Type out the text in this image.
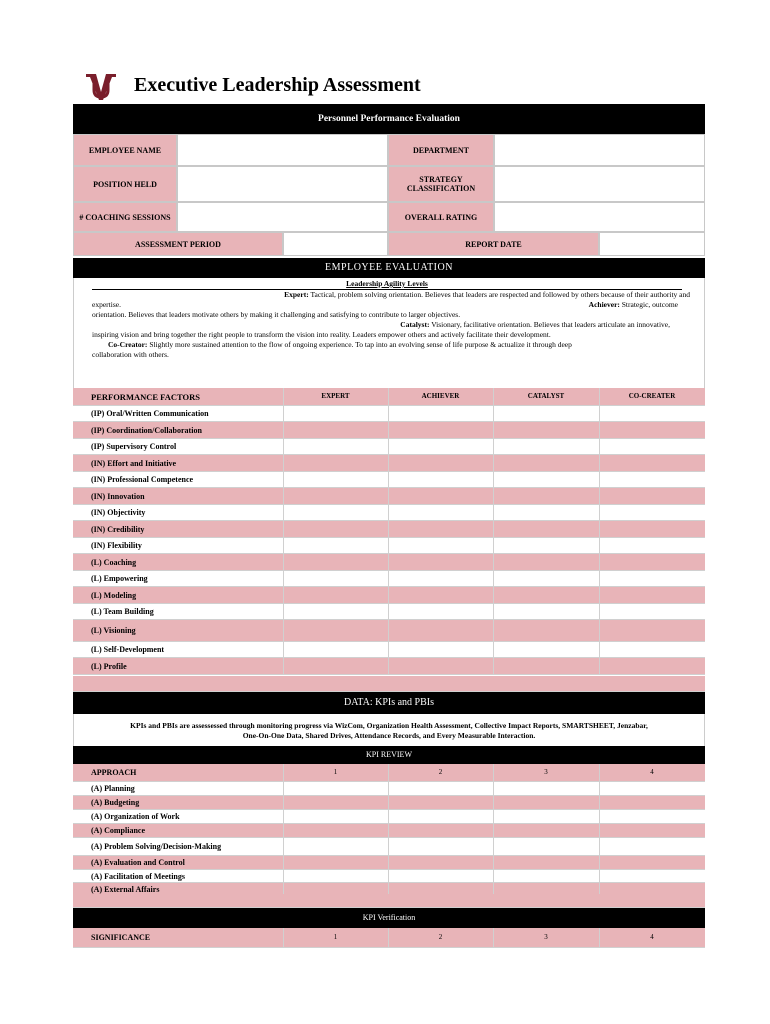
Executive Leadership Assessment
Personnel Performance Evaluation
EMPLOYEE NAME	DEPARTMENT
POSITION HELD	STRATEGY
CLASSIFICATION
# COACHING SESSIONS	OVERALL RATING
ASSESSMENT PERIOD	REPORT DATE
EMPLOYEE EVALUATION
Leadership Agility Levels
Expert: Tactical, problem solving orientation. Believes that leaders are respected and followed by others because of their authority and
expertise.	Achiever: Strategic, outcome
orientation. Believes that leaders motivate others by making it challenging and satisfying to contribute to larger objectives.
Catalyst: Visionary, facilitative orientation. Believes that leaders articulate an innovative,
inspiring vision and bring together the right people to transform the vision into reality. Leaders empower others and actively facilitate their development.
Co-Creator: Slightly more sustained attention to the flow of ongoing experience. To tap into an evolving sense of life purpose & actualize it through deep
collaboration with others.
PERFORMANCE FACTORS	EXPERT	ACHIEVER	CATALYST	CO-CREATER
(IP) Oral/Written Communication
(IP) Coordination/Collaboration
(IP) Supervisory Control
(IN) Effort and Initiative
(IN) Professional Competence
(IN) Innovation
(IN) Objectivity
(IN) Credibility
(IN) Flexibility
(L) Coaching
(L) Empowering
(L) Modeling
(L) Team Building
(L) Visioning
(L) Self-Development
(L) Profile
DATA: KPIs and PBIs
KPIs and PBIs are assessessed through monitoring progress via WizCom, Organization Health Assessment, Collective Impact Reports, SMARTSHEET, Jenzabar,
One-On-One Data, Shared Drives, Attendance Records, and Every Measurable Interaction.
KPI REVIEW
APPROACH	1	2	3	4
(A) Planning
(A) Budgeting
(A) Organization of Work
(A) Compliance
(A) Problem Solving/Decision-Making
(A) Evaluation and Control
(A) Facilitation of Meetings
(A) External Affairs
KPI Verification
SIGNIFICANCE	1	2	3	4
